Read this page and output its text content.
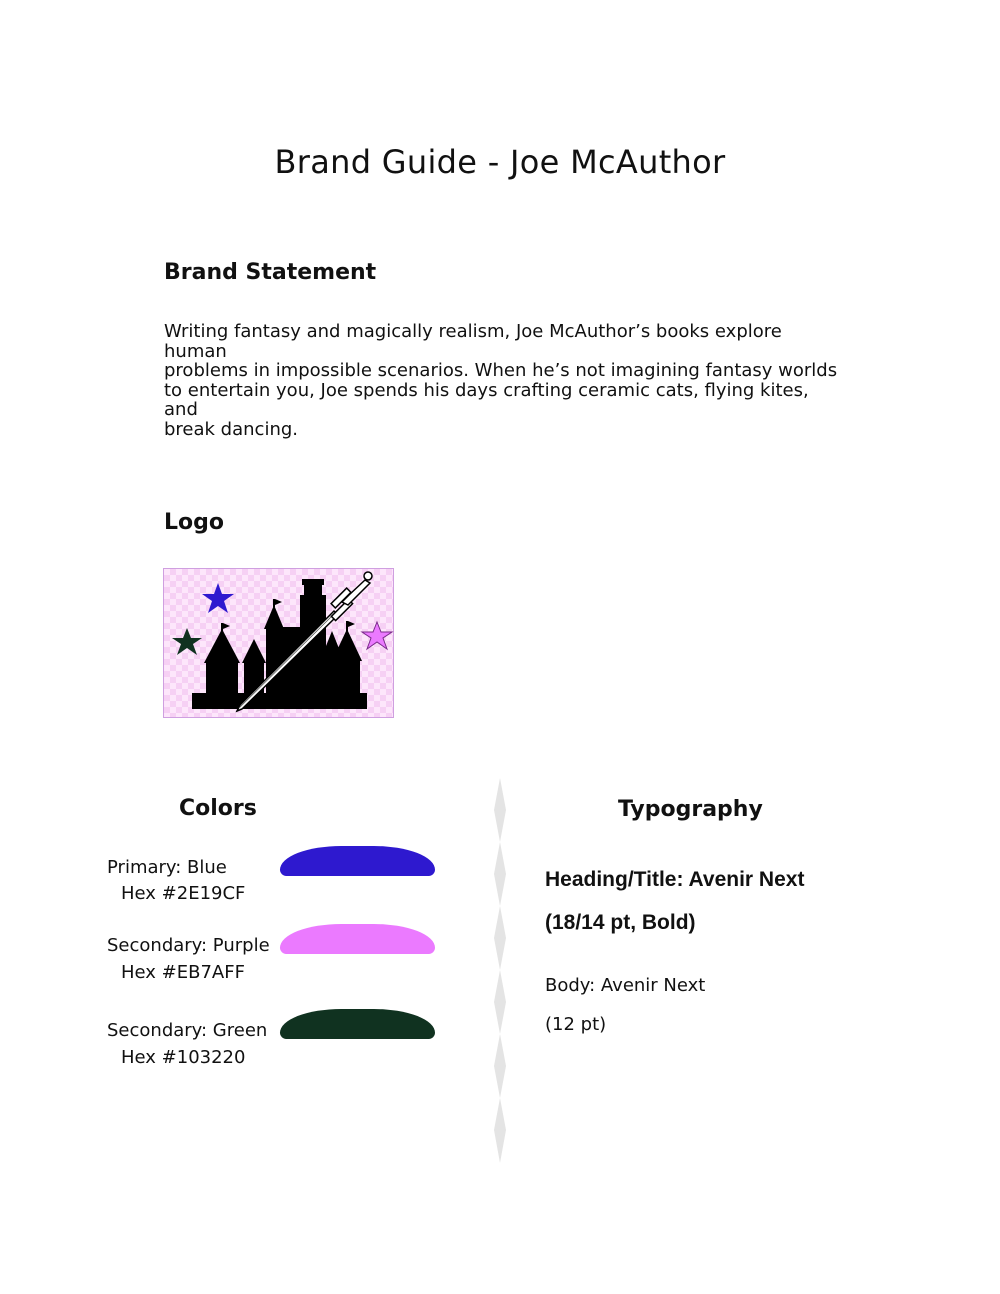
Brand Guide - Joe McAuthor
Brand Statement
Writing fantasy and magically realism, Joe McAuthor’s books explore human
problems in impossible scenarios. When he’s not imagining fantasy worlds
to entertain you, Joe spends his days crafting ceramic cats, flying kites, and
break dancing.
Logo
Colors
Primary: Blue
Hex #2E19CF
Secondary: Purple
Hex #EB7AFF
Secondary: Green
Hex #103220
Typography
Heading/Title: Avenir Next
(18/14 pt, Bold)
Body: Avenir Next
(12 pt)
